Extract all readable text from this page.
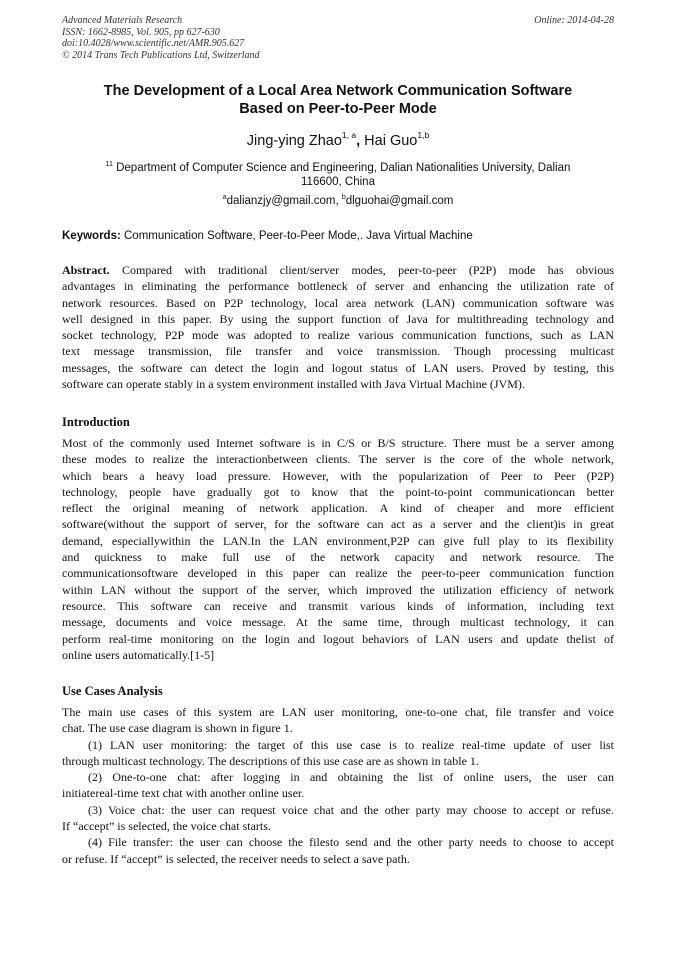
Advanced Materials Research
ISSN: 1662-8985, Vol. 905, pp 627-630
doi:10.4028/www.scientific.net/AMR.905.627
© 2014 Trans Tech Publications Ltd, Switzerland
Online: 2014-04-28
The Development of a Local Area Network Communication Software
Based on Peer-to-Peer Mode
Jing-ying Zhao$^{1, a}$, Hai Guo$^{1,b}$
$^{11}$ Department of Computer Science and Engineering, Dalian Nationalities University, Dalian
116600, China
$^a$dalianzjy@gmail.com, $^b$dlguohai@gmail.com
Keywords: Communication Software, Peer-to-Peer Mode,. Java Virtual Machine
Abstract. Compared with traditional client/server modes, peer-to-peer (P2P) mode has obvious
advantages in eliminating the performance bottleneck of server and enhancing the utilization rate of
network resources. Based on P2P technology, local area network (LAN) communication software was
well designed in this paper. By using the support function of Java for multithreading technology and
socket technology, P2P mode was adopted to realize various communication functions, such as LAN
text message transmission, file transfer and voice transmission. Though processing multicast
messages, the software can detect the login and logout status of LAN users. Proved by testing, this
software can operate stably in a system environment installed with Java Virtual Machine (JVM).
Introduction
Most of the commonly used Internet software is in C/S or B/S structure. There must be a server among
these modes to realize the interactionbetween clients. The server is the core of the whole network,
which bears a heavy load pressure. However, with the popularization of Peer to Peer (P2P)
technology, people have gradually got to know that the point-to-point communicationcan better
reflect the original meaning of network application. A kind of cheaper and more efficient
software(without the support of server, for the software can act as a server and the client)is in great
demand, especiallywithin the LAN.In the LAN environment,P2P can give full play to its flexibility
and quickness to make full use of the network capacity and network resource. The
communicationsoftware developed in this paper can realize the peer-to-peer communication function
within LAN without the support of the server, which improved the utilization efficiency of network
resource. This software can receive and transmit various kinds of information, including text
message, documents and voice message. At the same time, through multicast technology, it can
perform real-time monitoring on the login and logout behaviors of LAN users and update thelist of
online users automatically.[1-5]
Use Cases Analysis
The main use cases of this system are LAN user monitoring, one-to-one chat, file transfer and voice
chat. The use case diagram is shown in figure 1.
(1) LAN user monitoring: the target of this use case is to realize real-time update of user list
through multicast technology. The descriptions of this use case are as shown in table 1.
(2) One-to-one chat: after logging in and obtaining the list of online users, the user can
initiatereal-time text chat with another online user.
(3) Voice chat: the user can request voice chat and the other party may choose to accept or refuse.
If “accept” is selected, the voice chat starts.
(4) File transfer: the user can choose the filesto send and the other party needs to choose to accept
or refuse. If “accept” is selected, the receiver needs to select a save path.
